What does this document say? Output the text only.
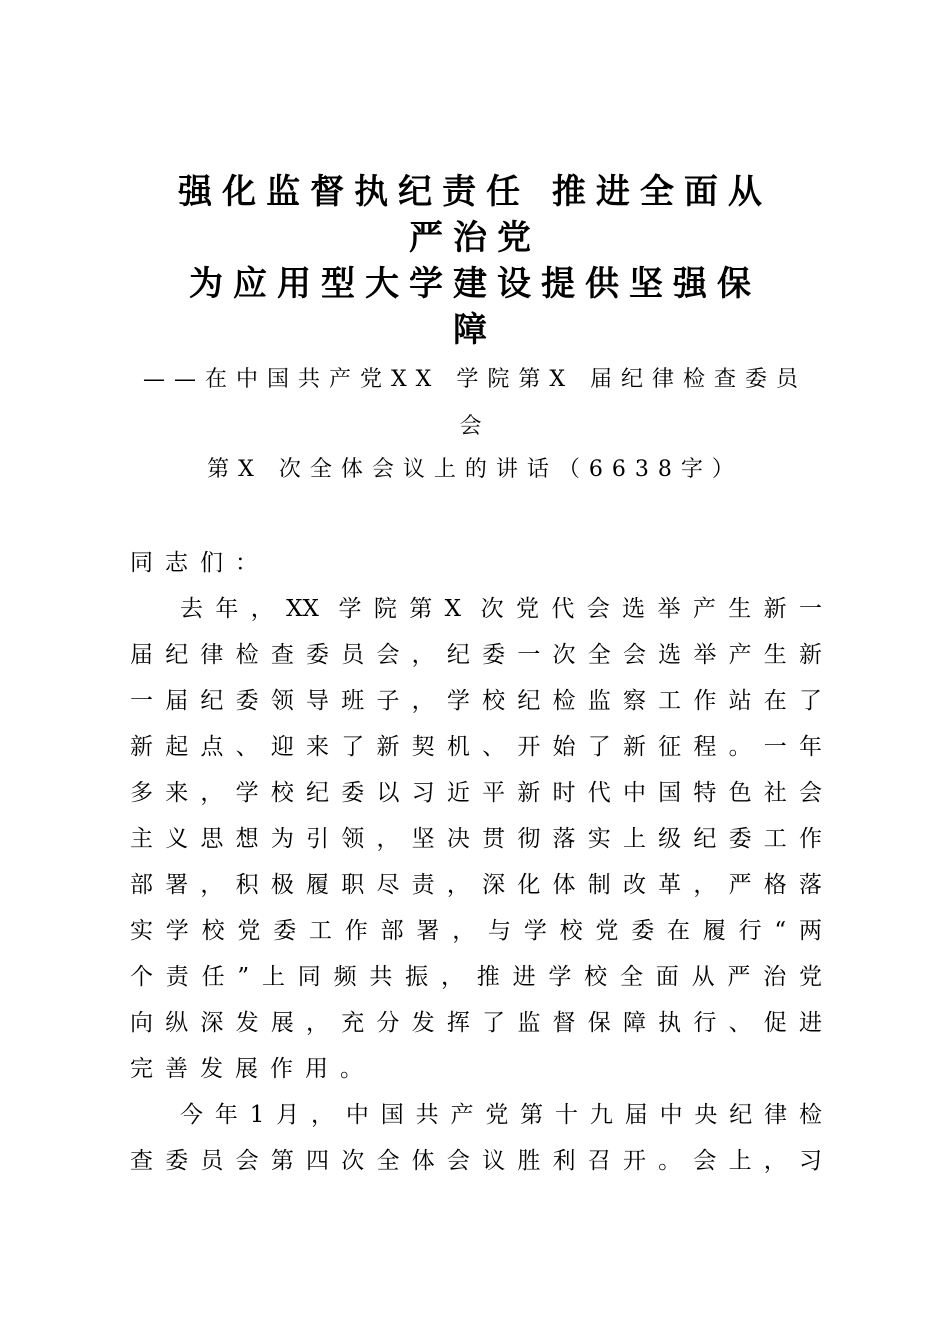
强化监督执纪责任 推进全面从
严治党
为应用型大学建设提供坚强保
障
——在中国共产党XX 学院第X 届纪律检查委员
会
第X 次全体会议上的讲话（6638字）
同志们：
去年，XX 学院第X 次党代会选举产生新一
届纪律检查委员会，纪委一次全会选举产生新
一届纪委领导班子，学校纪检监察工作站在了
新起点、迎来了新契机、开始了新征程。一年
多来，学校纪委以习近平新时代中国特色社会
主义思想为引领，坚决贯彻落实上级纪委工作
部署，积极履职尽责，深化体制改革，严格落
实学校党委工作部署，与学校党委在履行“两
个责任”上同频共振，推进学校全面从严治党
向纵深发展，充分发挥了监督保障执行、促进
完善发展作用。
今年1月，中国共产党第十九届中央纪律检
查委员会第四次全体会议胜利召开。会上，习
